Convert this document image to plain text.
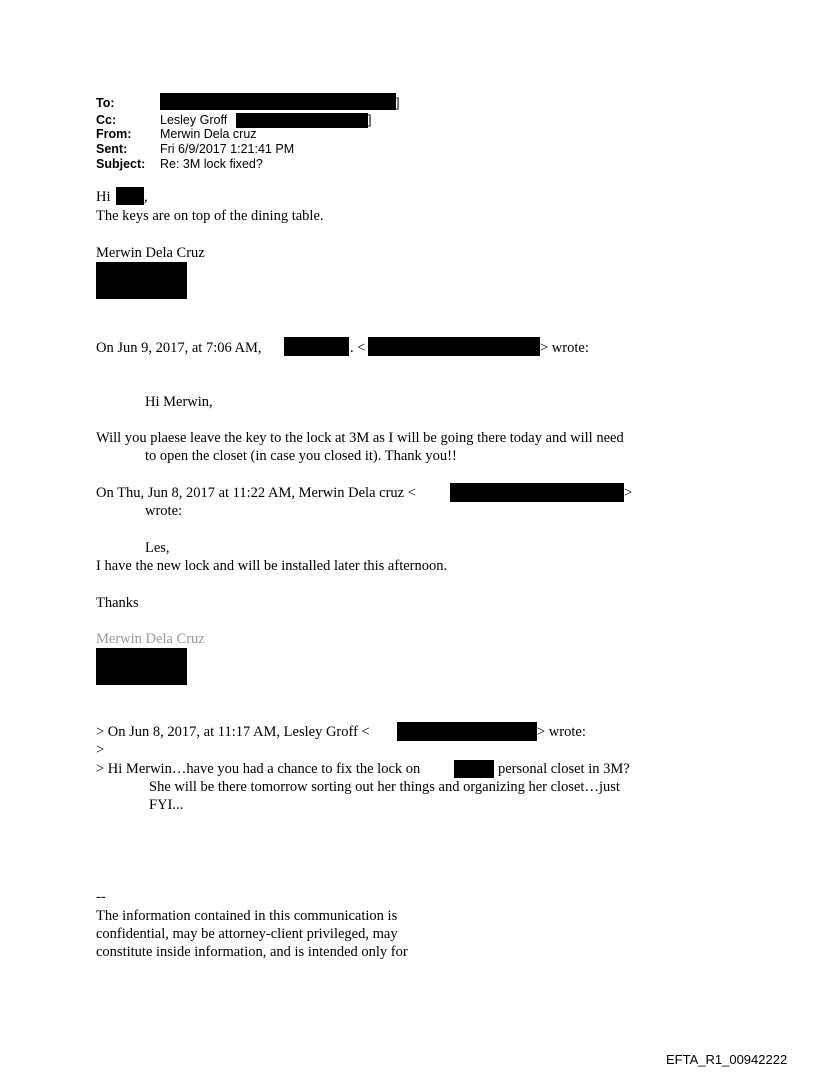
To:	]
Cc:	Lesley Groff	]
From: Merwin Dela cruz
Sent:	Fri 6/9/2017 1:21:41 PM
Subject: Re: 3M lock fixed?
Hi ,
The keys are on top of the dining table.
Merwin Dela Cruz
On Jun 9, 2017, at 7:06 AM,	. <	> wrote:
Hi Merwin,
Will you plaese leave the key to the lock at 3M as I will be going there today and will need
to open the closet (in case you closed it). Thank you!!
On Thu, Jun 8, 2017 at 11:22 AM, Merwin Dela cruz <	>
wrote:
Les,
I have the new lock and will be installed later this afternoon.
Thanks
Merwin Dela Cruz
> On Jun 8, 2017, at 11:17 AM, Lesley Groff <	> wrote:
>
> Hi Merwin…have you had a chance to fix the lock on	personal closet in 3M?
She will be there tomorrow sorting out her things and organizing her closet…just
FYI...
--
The information contained in this communication is
confidential, may be attorney-client privileged, may
constitute inside information, and is intended only for
EFTA_R1_00942222
